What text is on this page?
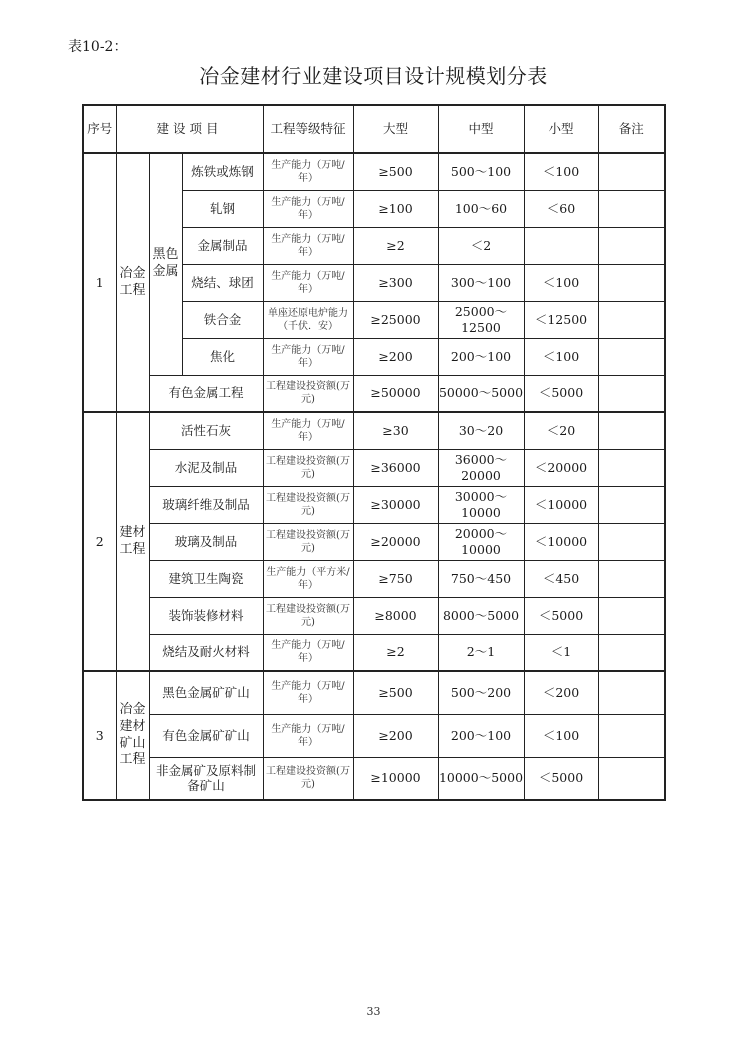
表10-2：
冶金建材行业建设项目设计规模划分表
序号	建设项目			工程等级特征	大型	中型	小型	备注
1	冶金工程	黑色金属	炼铁或炼钢	生产能力（万吨/年）	≥500	500～100	＜100	
			轧钢	生产能力（万吨/年）	≥100	100～60	＜60	
			金属制品	生产能力（万吨/年）	≥2	＜2		
			烧结、球团	生产能力（万吨/年）	≥300	300～100	＜100	
			铁合金	单座还原电炉能力（千伏．安）	≥25000	25000～12500	＜12500	
			焦化	生产能力（万吨/年）	≥200	200～100	＜100	
		有色金属工程		工程建设投资额(万元)	≥50000	50000～5000	＜5000	
2	建材工程	活性石灰		生产能力（万吨/年）	≥30	30～20	＜20	
		水泥及制品		工程建设投资额(万元)	≥36000	36000～20000	＜20000	
		玻璃纤维及制品		工程建设投资额(万元)	≥30000	30000～10000	＜10000	
		玻璃及制品		工程建设投资额(万元)	≥20000	20000～10000	＜10000	
		建筑卫生陶瓷		生产能力（平方米/年）	≥750	750～450	＜450	
		装饰装修材料		工程建设投资额(万元)	≥8000	8000～5000	＜5000	
		烧结及耐火材料		生产能力（万吨/年）	≥2	2～1	＜1	
3	冶金建材矿山工程	黑色金属矿矿山		生产能力（万吨/年）	≥500	500～200	＜200	
		有色金属矿矿山		生产能力（万吨/年）	≥200	200～100	＜100	
		非金属矿及原料制备矿山		工程建设投资额(万元)	≥10000	10000～5000	＜5000	
33
